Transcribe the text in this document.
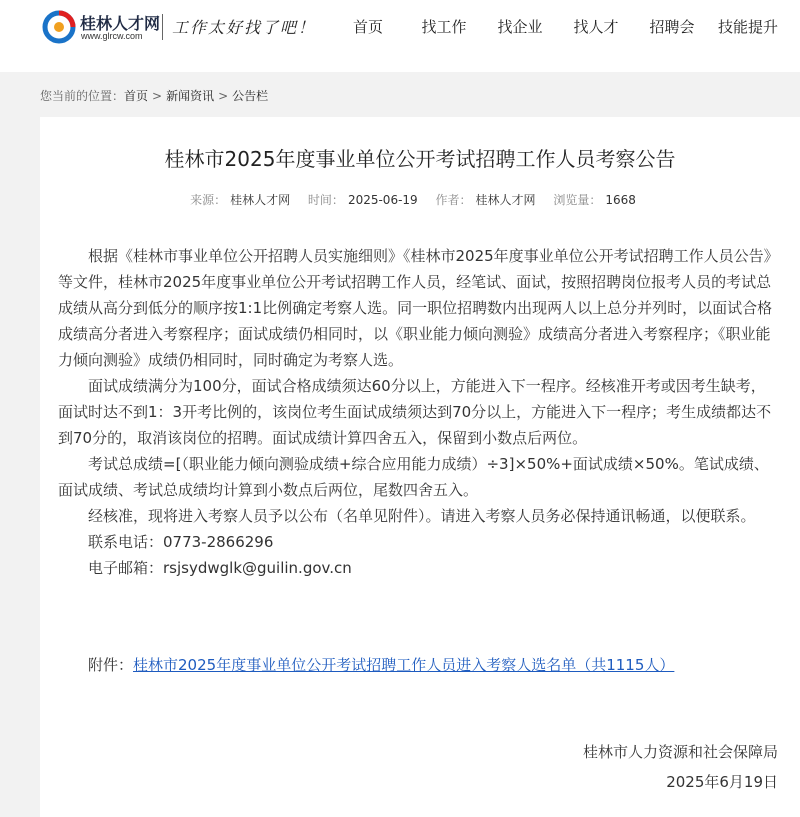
桂林人才网
www.glrcw.com 工作太好找了吧！	首页	找工作	找企业	找人才	招聘会	技能提升
您当前的位置： 首页 > 新闻资讯 > 公告栏
桂林市2025年度事业单位公开考试招聘工作人员考察公告
来源： 桂林人才网 时间： 2025-06-19 作者： 桂林人才网 浏览量： 1668

根据《桂林市事业单位公开招聘人员实施细则》《桂林市2025年度事业单位公开考试招聘工作人员公告》等文件，桂林市2025年度事业单位公开考试招聘工作人员，经笔试、面试，按照招聘岗位报考人员的考试总成绩从高分到低分的顺序按1:1比例确定考察人选。同一职位招聘数内出现两人以上总分并列时，以面试合格成绩高分者进入考察程序；面试成绩仍相同时，以《职业能力倾向测验》成绩高分者进入考察程序；《职业能力倾向测验》成绩仍相同时，同时确定为考察人选。

面试成绩满分为100分，面试合格成绩须达60分以上，方能进入下一程序。经核准开考或因考生缺考，面试时达不到1：3开考比例的，该岗位考生面试成绩须达到70分以上，方能进入下一程序；考生成绩都达不到70分的，取消该岗位的招聘。面试成绩计算四舍五入，保留到小数点后两位。

考试总成绩=[（职业能力倾向测验成绩+综合应用能力成绩）÷3]×50%+面试成绩×50%。笔试成绩、面试成绩、考试总成绩均计算到小数点后两位，尾数四舍五入。

经核准，现将进入考察人员予以公布（名单见附件）。请进入考察人员务必保持通讯畅通，以便联系。

联系电话：0773-2866296

电子邮箱：rsjsydwglk@guilin.gov.cn

附件：桂林市2025年度事业单位公开考试招聘工作人员进入考察人选名单（共1115人）
桂林市人力资源和社会保障局
2025年6月19日
